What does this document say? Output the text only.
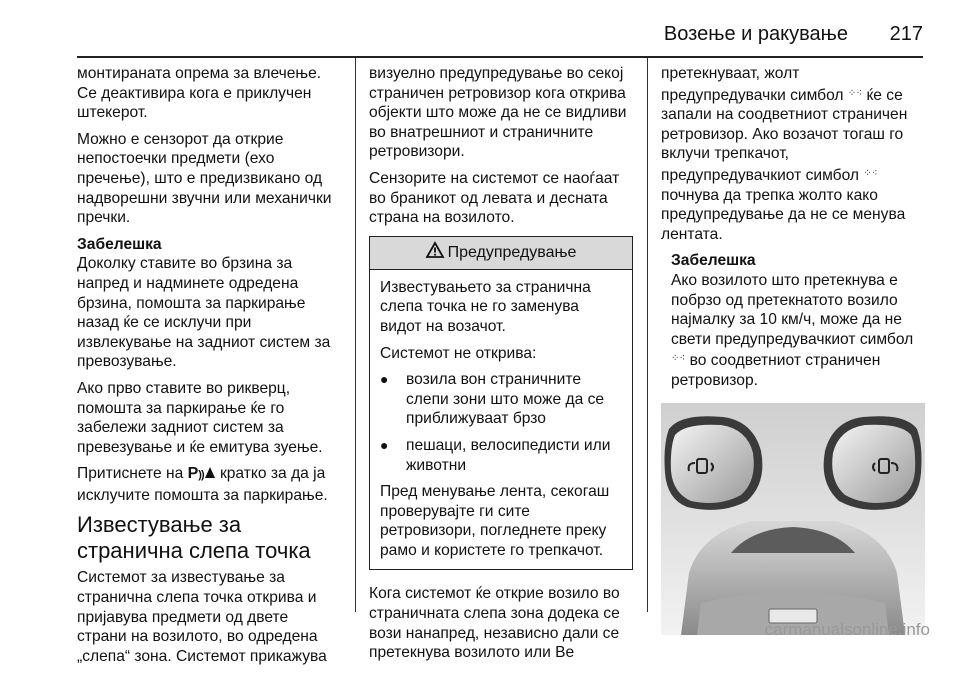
Возење и ракување 217

монтираната опрема за влечење. Се деактивира кога е приклучен штекерот.

Можно е сензорот да открие непостоечки предмети (ехо пречење), што е предизвикано од надворешни звучни или механички пречки.

Забелешка

Доколку ставите во брзина за напред и надминете одредена брзина, помошта за паркирање назад ќе се исклучи при извлекување на задниот систем за превозување.

Ако прво ставите во рикверц, помошта за паркирање ќе го забележи задниот систем за превезување и ќе емитува зуење.

Притиснете на P)) кратко за да ја исклучите помошта за паркирање.

Известување за странична слепа точка

Системот за известување за странична слепа точка открива и пријавува предмети од двете страни на возилото, во одредена „слепа“ зона. Системот прикажува

визуелно предупредување во секој страничен ретровизор кога открива објекти што може да не се видливи во внатрешниот и страничните ретровизори.

Сензорите на системот се наоѓаат во браникот од левата и десната страна на возилото.

Предупредување

Известувањето за странична слепа точка не го заменува видот на возачот.

Системот не открива:

●	возила вон страничните слепи зони што може да се приближуваат брзо
●	пешаци, велосипедисти или животни

Пред менување лента, секогаш проверувајте ги сите ретровизори, погледнете преку рамо и користете го трепкачот.

Кога системот ќе открие возило во страничната слепа зона додека се вози нанапред, независно дали се претекнува возилото или Ве

претекнуваат, жолт предупредувачки симбол ⁘⁖ ќе се запали на соодветниот страничен ретровизор. Ако возачот тогаш го вклучи трепкачот, предупредувачкиот симбол ⁘⁖ почнува да трепка жолто како предупредување да не се менува лентата.

Забелешка

Ако возилото што претекнува е побрзо од претекнатото возило најмалку за 10 км/ч, може да не свети предупредувачкиот симбол ⁘⁖ во соодветниот страничен ретровизор.

carmanualsonline.info
